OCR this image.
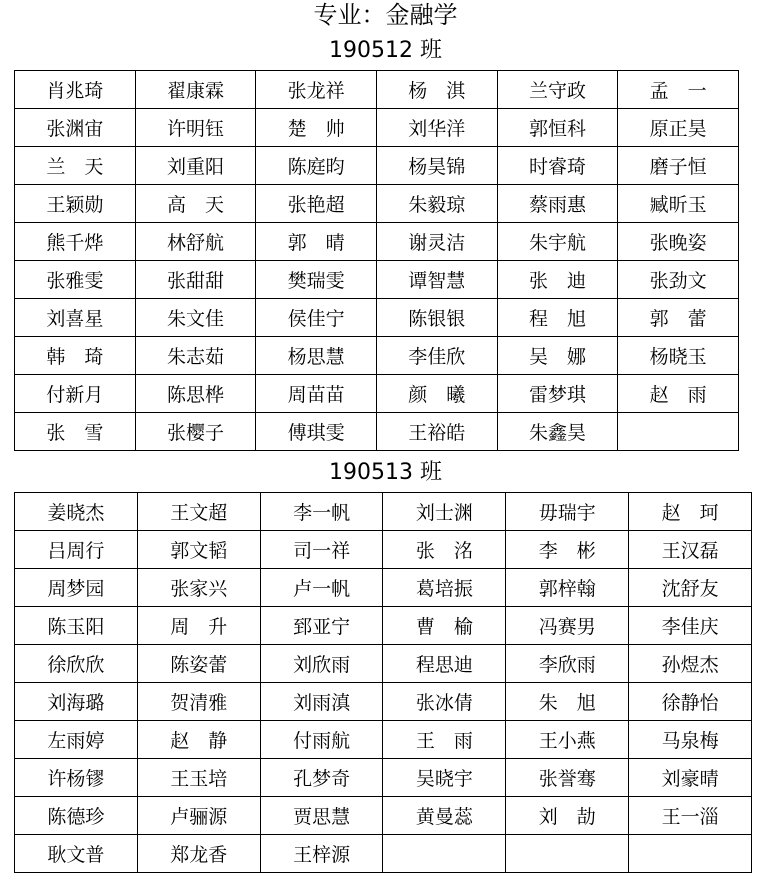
专业：金融学
190512 班
肖兆琦	翟康霖	张龙祥	杨　淇	兰守政	孟　一
张渊宙	许明钰	楚　帅	刘华洋	郭恒科	原正昊
兰　天	刘重阳	陈庭昀	杨昊锦	时睿琦	磨子恒
王颖勋	高　天	张艳超	朱毅琼	蔡雨惠	臧昕玉
熊千烨	林舒航	郭　晴	谢灵洁	朱宇航	张晚姿
张雅雯	张甜甜	樊瑞雯	谭智慧	张　迪	张劲文
刘喜星	朱文佳	侯佳宁	陈银银	程　旭	郭　蕾
韩　琦	朱志茹	杨思慧	李佳欣	吴　娜	杨晓玉
付新月	陈思桦	周苗苗	颜　曦	雷梦琪	赵　雨
张　雪	张樱子	傅琪雯	王裕皓	朱鑫昊	
190513 班
姜晓杰	王文超	李一帆	刘士渊	毋瑞宇	赵　珂
吕周行	郭文韬	司一祥	张　洺	李　彬	王汉磊
周梦园	张家兴	卢一帆	葛培振	郭梓翰	沈舒友
陈玉阳	周　升	郅亚宁	曹　榆	冯赛男	李佳庆
徐欣欣	陈姿蕾	刘欣雨	程思迪	李欣雨	孙煜杰
刘海璐	贺清雅	刘雨滇	张冰倩	朱　旭	徐静怡
左雨婷	赵　静	付雨航	王　雨	王小燕	马泉梅
许杨镠	王玉培	孔梦奇	吴晓宇	张誉骞	刘豪晴
陈德珍	卢骊源	贾思慧	黄曼蕊	刘　劼	王一淄
耿文普	郑龙香	王梓源			
